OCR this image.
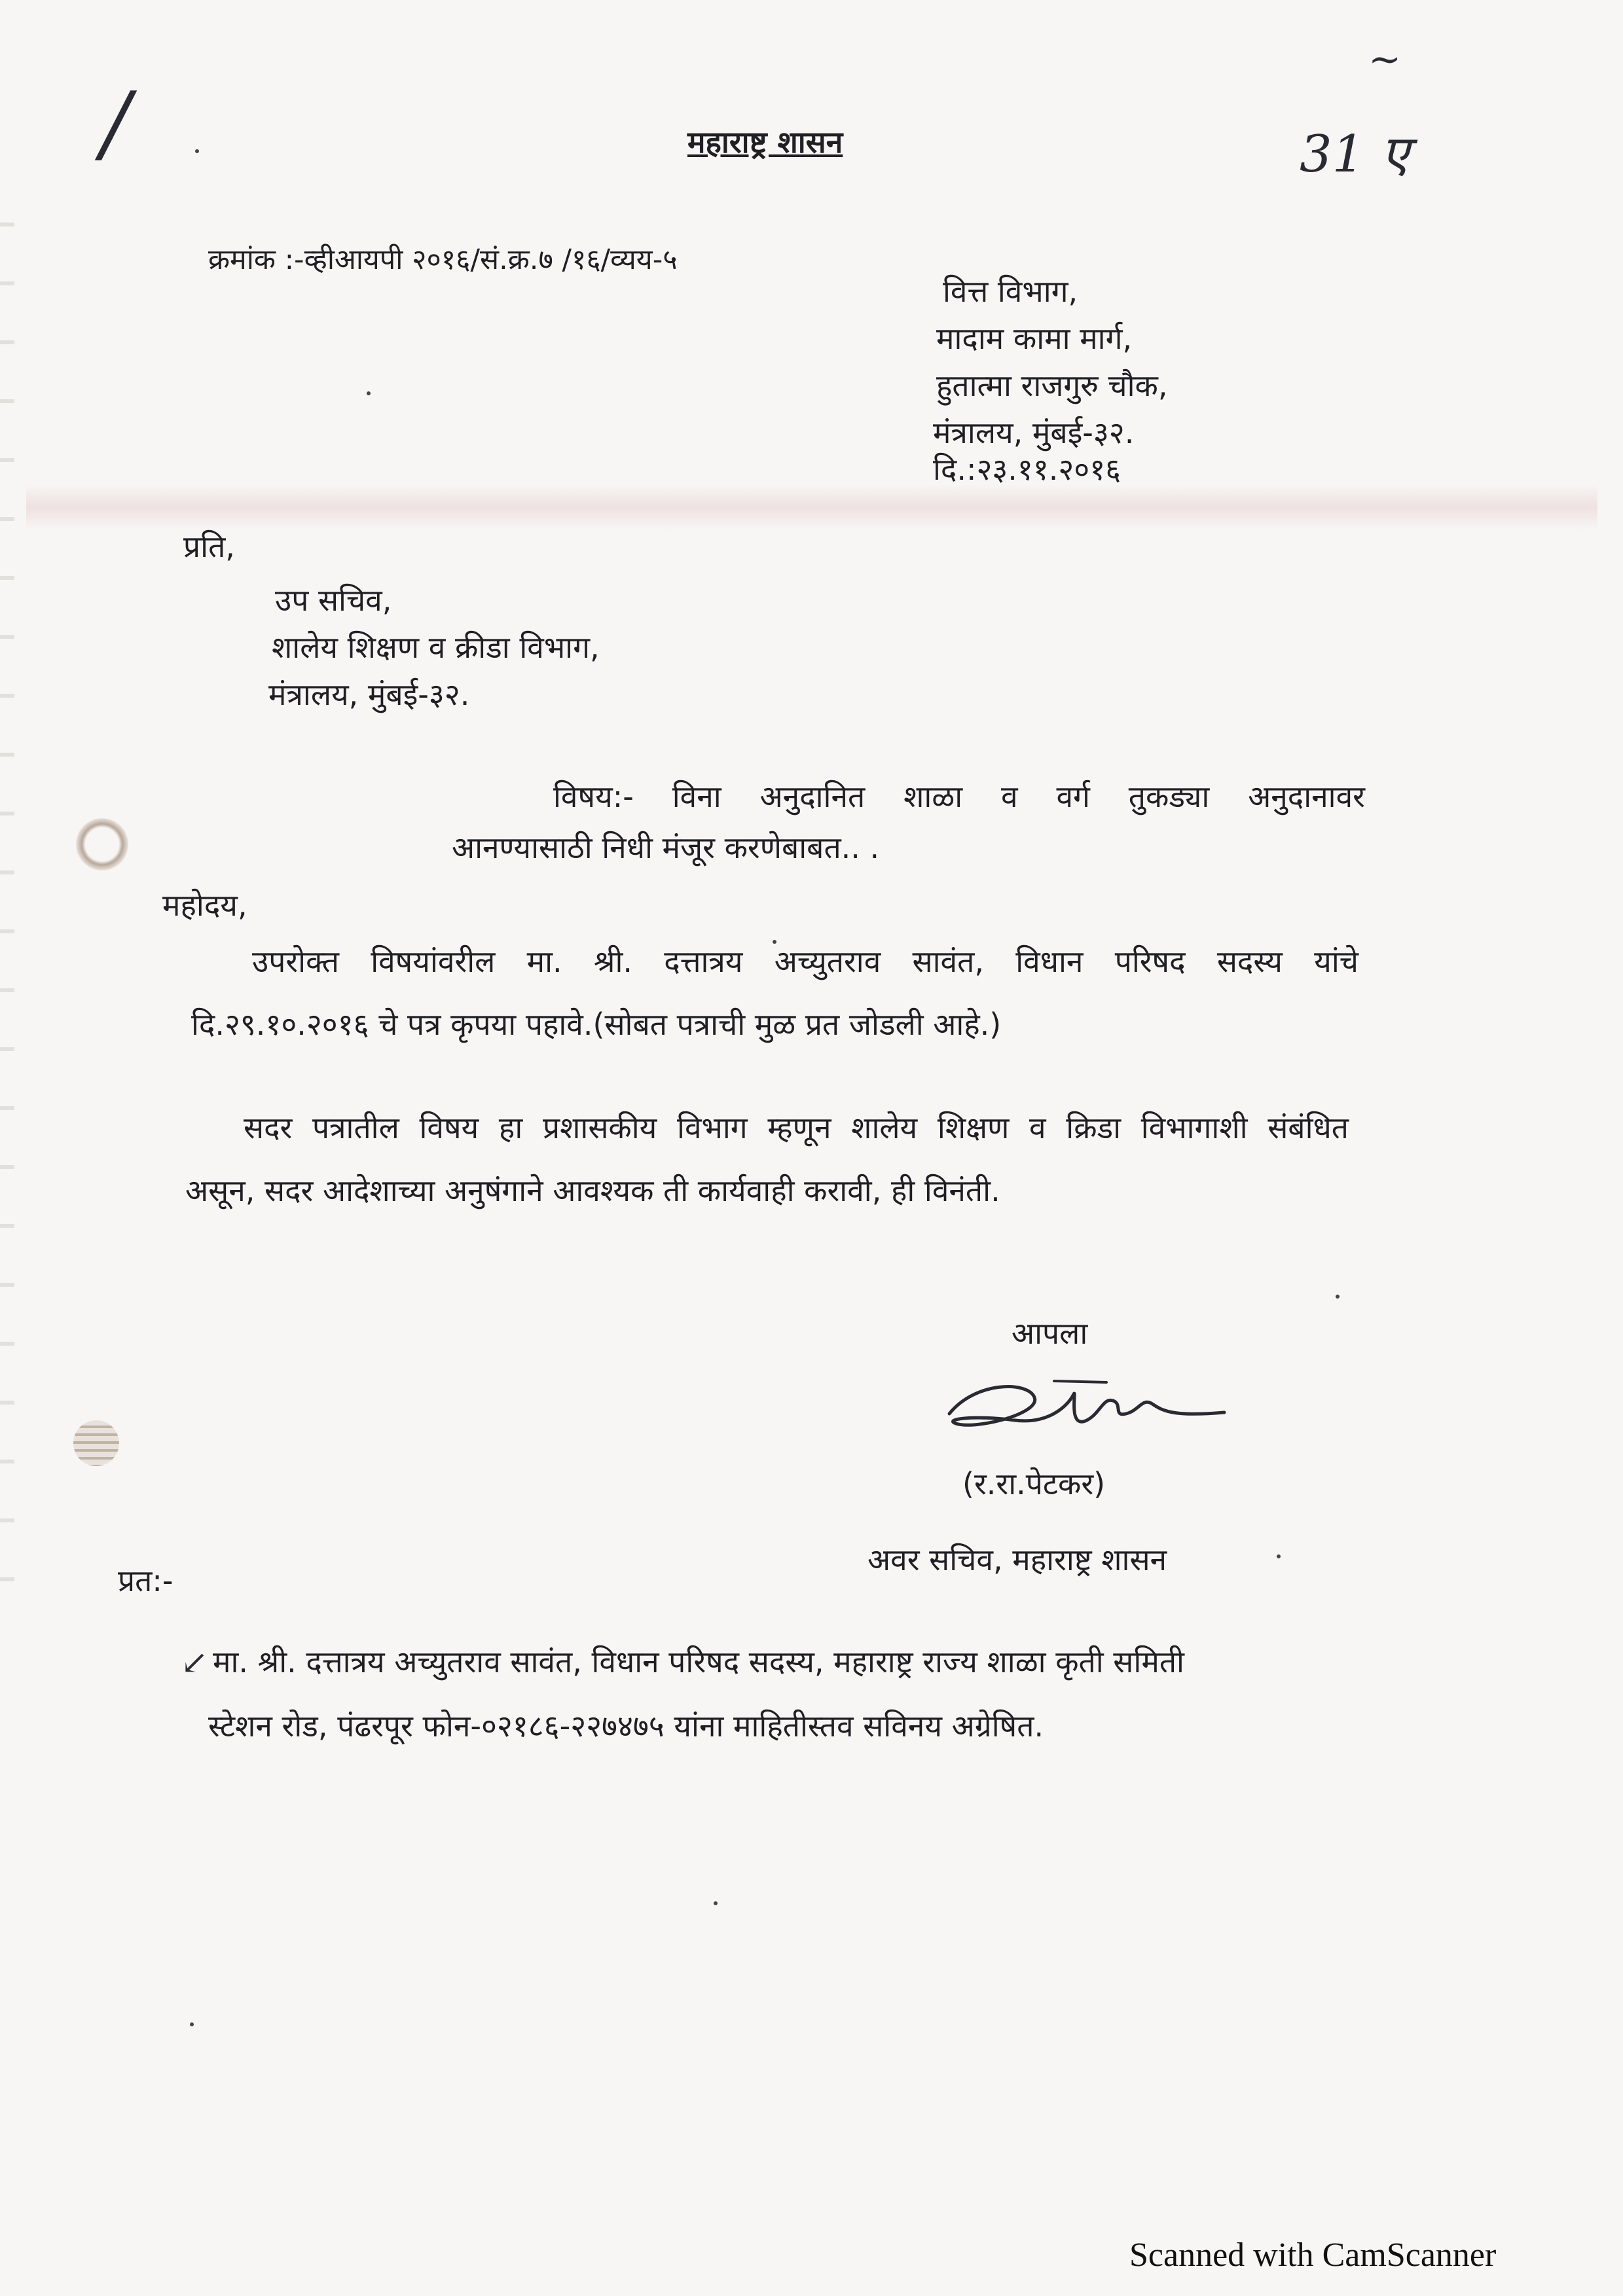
/
~
31 ए
महाराष्ट्र शासन
क्रमांक :-व्हीआयपी २०१६/सं.क्र.७ /१६/व्यय-५
वित्त विभाग,
मादाम कामा मार्ग,
हुतात्मा राजगुरु चौक,
मंत्रालय, मुंबई-३२.
दि.:२३.११.२०१६
प्रति,
उप सचिव,
शालेय शिक्षण व क्रीडा विभाग,
मंत्रालय, मुंबई-३२.
विषय:- विना अनुदानित शाळा व वर्ग तुकड्या अनुदानावर
आनण्यासाठी निधी मंजूर करणेबाबत.. .
महोदय,
उपरोक्त विषयांवरील मा. श्री. दत्तात्रय अच्युतराव सावंत, विधान परिषद सदस्य यांचे
दि.२९.१०.२०१६ चे पत्र कृपया पहावे.(सोबत पत्राची मुळ प्रत जोडली आहे.)
सदर पत्रातील विषय हा प्रशासकीय विभाग म्हणून शालेय शिक्षण व क्रिडा विभागाशी संबंधित
असून, सदर आदेशाच्या अनुषंगाने आवश्यक ती कार्यवाही करावी, ही विनंती.
आपला
(र.रा.पेटकर)
अवर सचिव, महाराष्ट्र शासन
प्रत:-
↙ मा. श्री. दत्तात्रय अच्युतराव सावंत, विधान परिषद सदस्य, महाराष्ट्र राज्य शाळा कृती समिती
स्टेशन रोड, पंढरपूर फोन-०२१८६-२२७४७५ यांना माहितीस्तव सविनय अग्रेषित.
Scanned with CamScanner
